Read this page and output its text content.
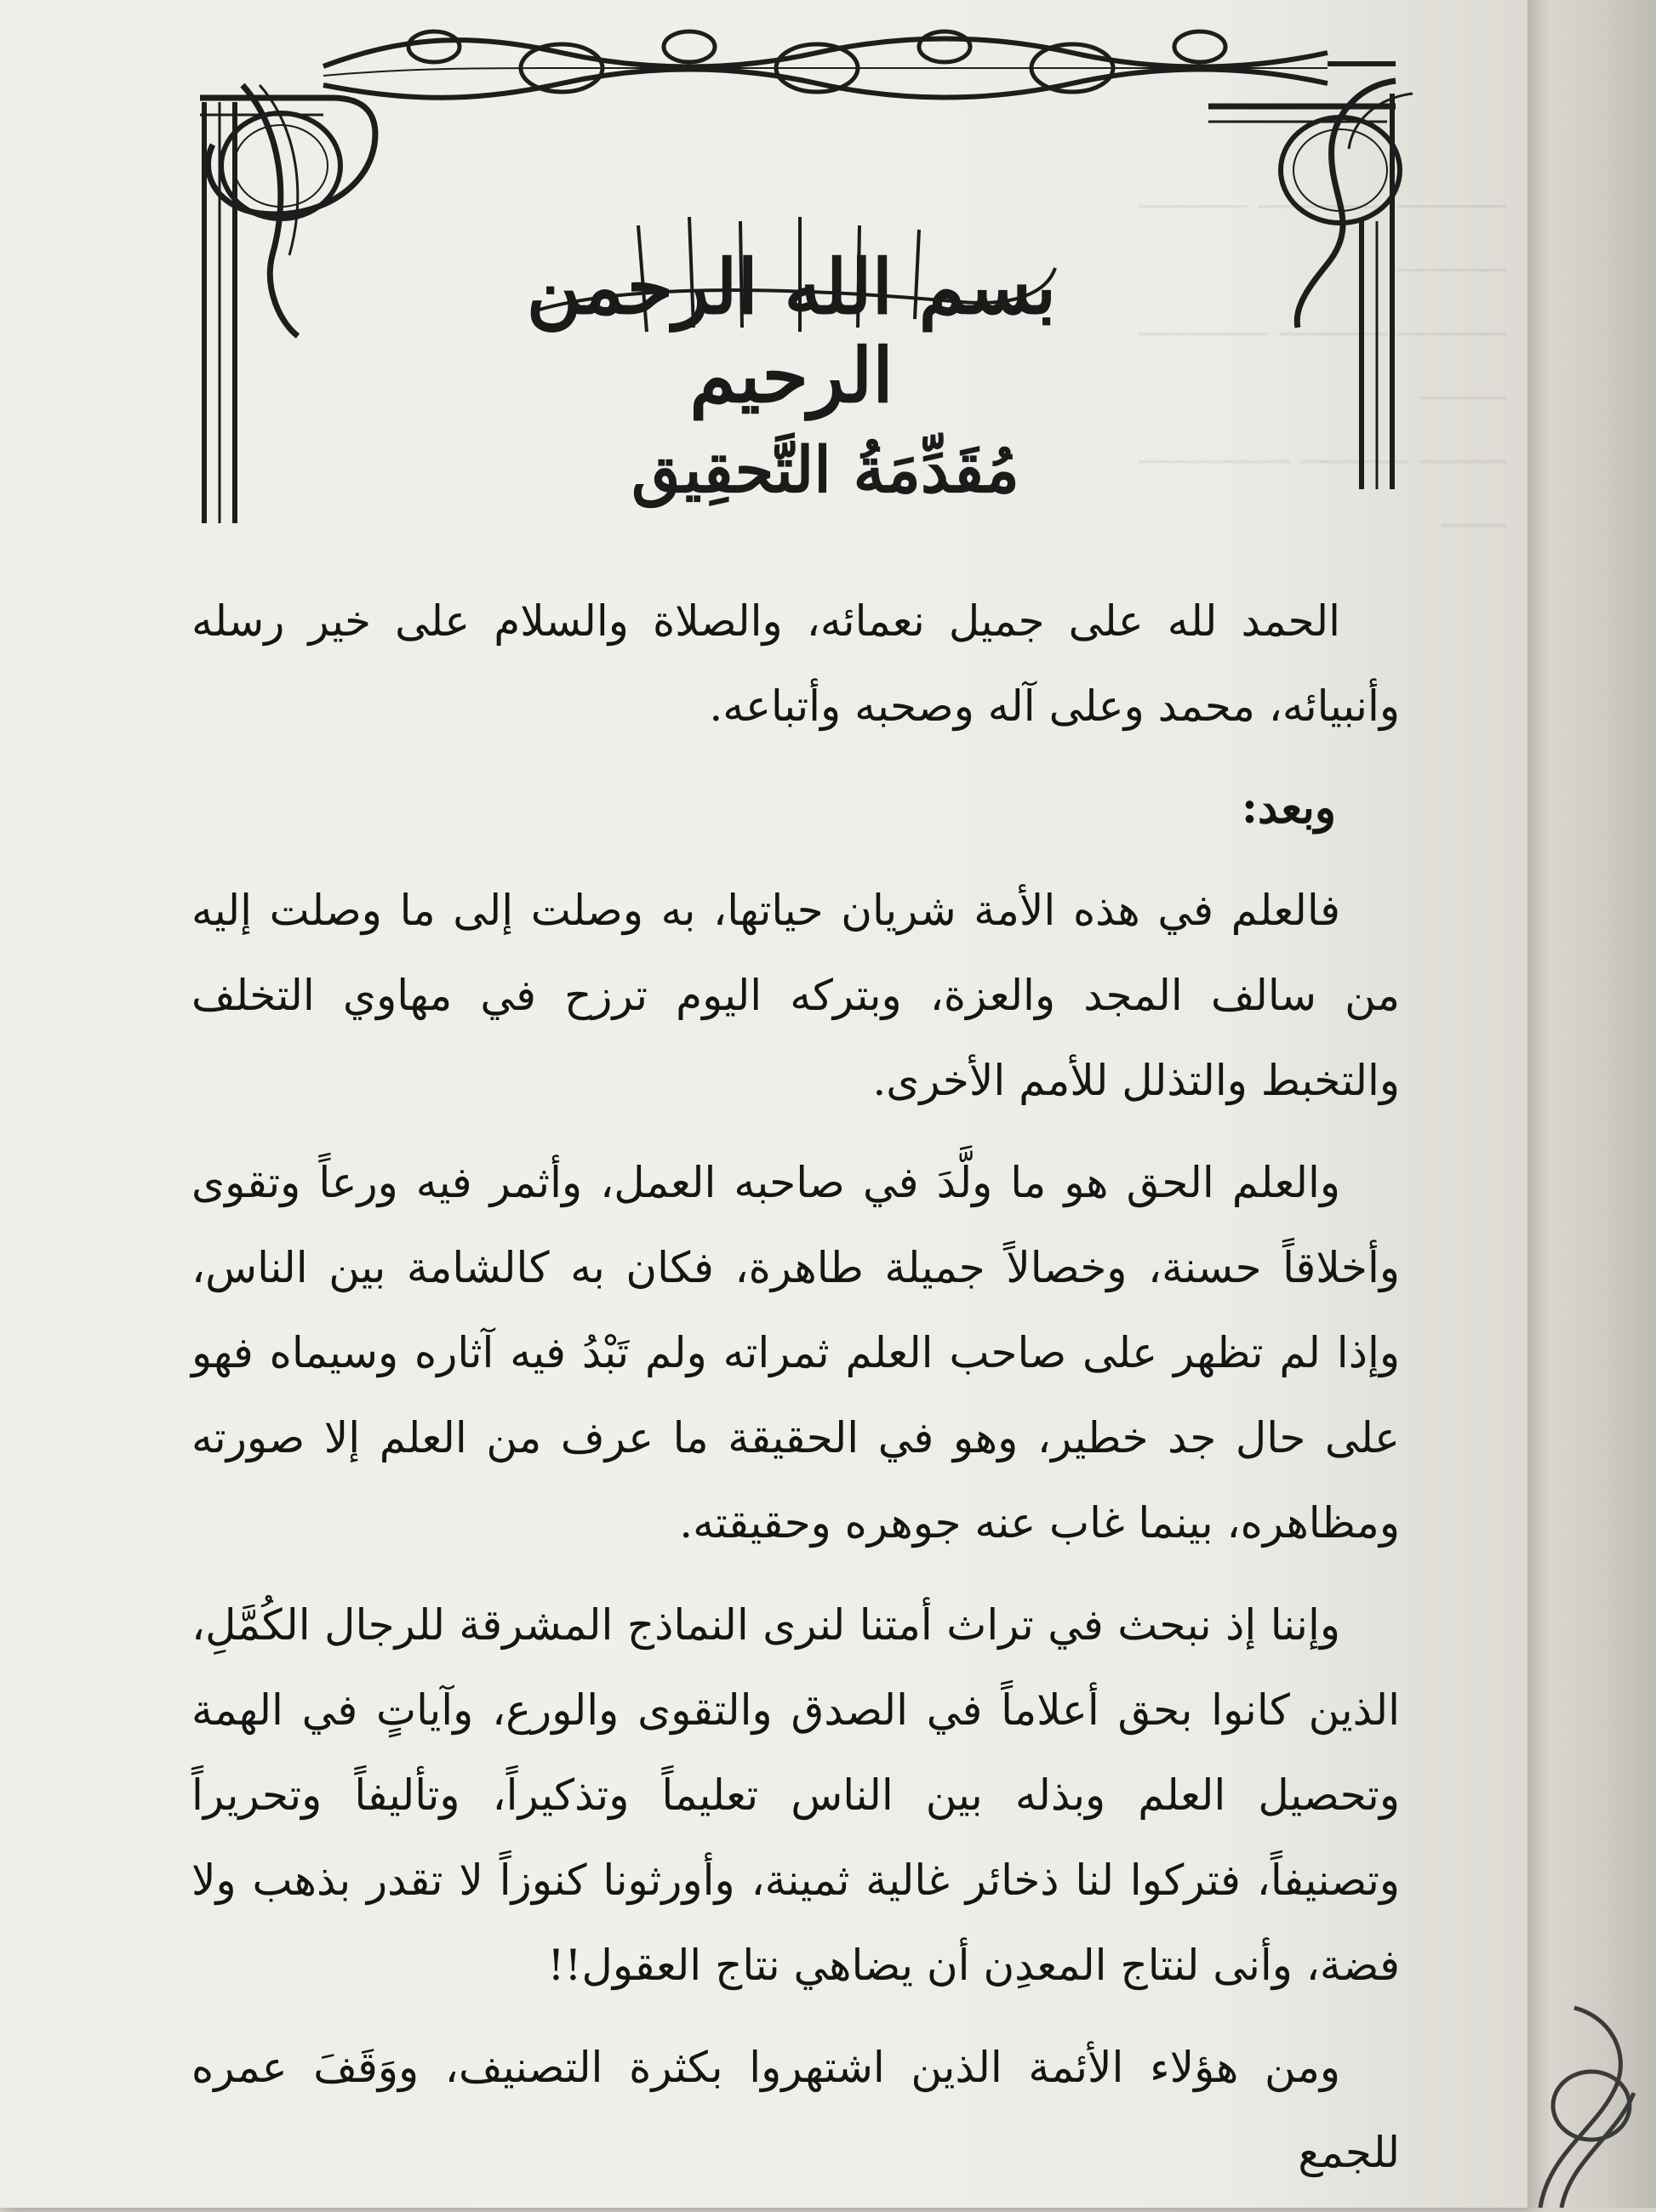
───── ────── ───── ─────
───── ───── ────── ────
──── ───── ─────── ───
بسم الله الرحمن الرحيم
مُقَدِّمَةُ التَّحقِيق

الحمد لله على جميل نعمائه، والصلاة والسلام على خير رسله وأنبيائه، محمد وعلى آله وصحبه وأتباعه.

وبعد:

فالعلم في هذه الأمة شريان حياتها، به وصلت إلى ما وصلت إليه من سالف المجد والعزة، وبتركه اليوم ترزح في مهاوي التخلف والتخبط والتذلل للأمم الأخرى.

والعلم الحق هو ما ولَّدَ في صاحبه العمل، وأثمر فيه ورعاً وتقوى وأخلاقاً حسنة، وخصالاً جميلة طاهرة، فكان به كالشامة بين الناس، وإذا لم تظهر على صاحب العلم ثمراته ولم تَبْدُ فيه آثاره وسيماه فهو على حال جد خطير، وهو في الحقيقة ما عرف من العلم إلا صورته ومظاهره، بينما غاب عنه جوهره وحقيقته.

وإننا إذ نبحث في تراث أمتنا لنرى النماذج المشرقة للرجال الكُمَّلِ، الذين كانوا بحق أعلاماً في الصدق والتقوى والورع، وآياتٍ في الهمة وتحصيل العلم وبذله بين الناس تعليماً وتذكيراً، وتأليفاً وتحريراً وتصنيفاً، فتركوا لنا ذخائر غالية ثمينة، وأورثونا كنوزاً لا تقدر بذهب ولا فضة، وأنى لنتاج المعدِن أن يضاهي نتاج العقول!!

ومن هؤلاء الأئمة الذين اشتهروا بكثرة التصنيف، ووَقَفَ عمره للجمع
